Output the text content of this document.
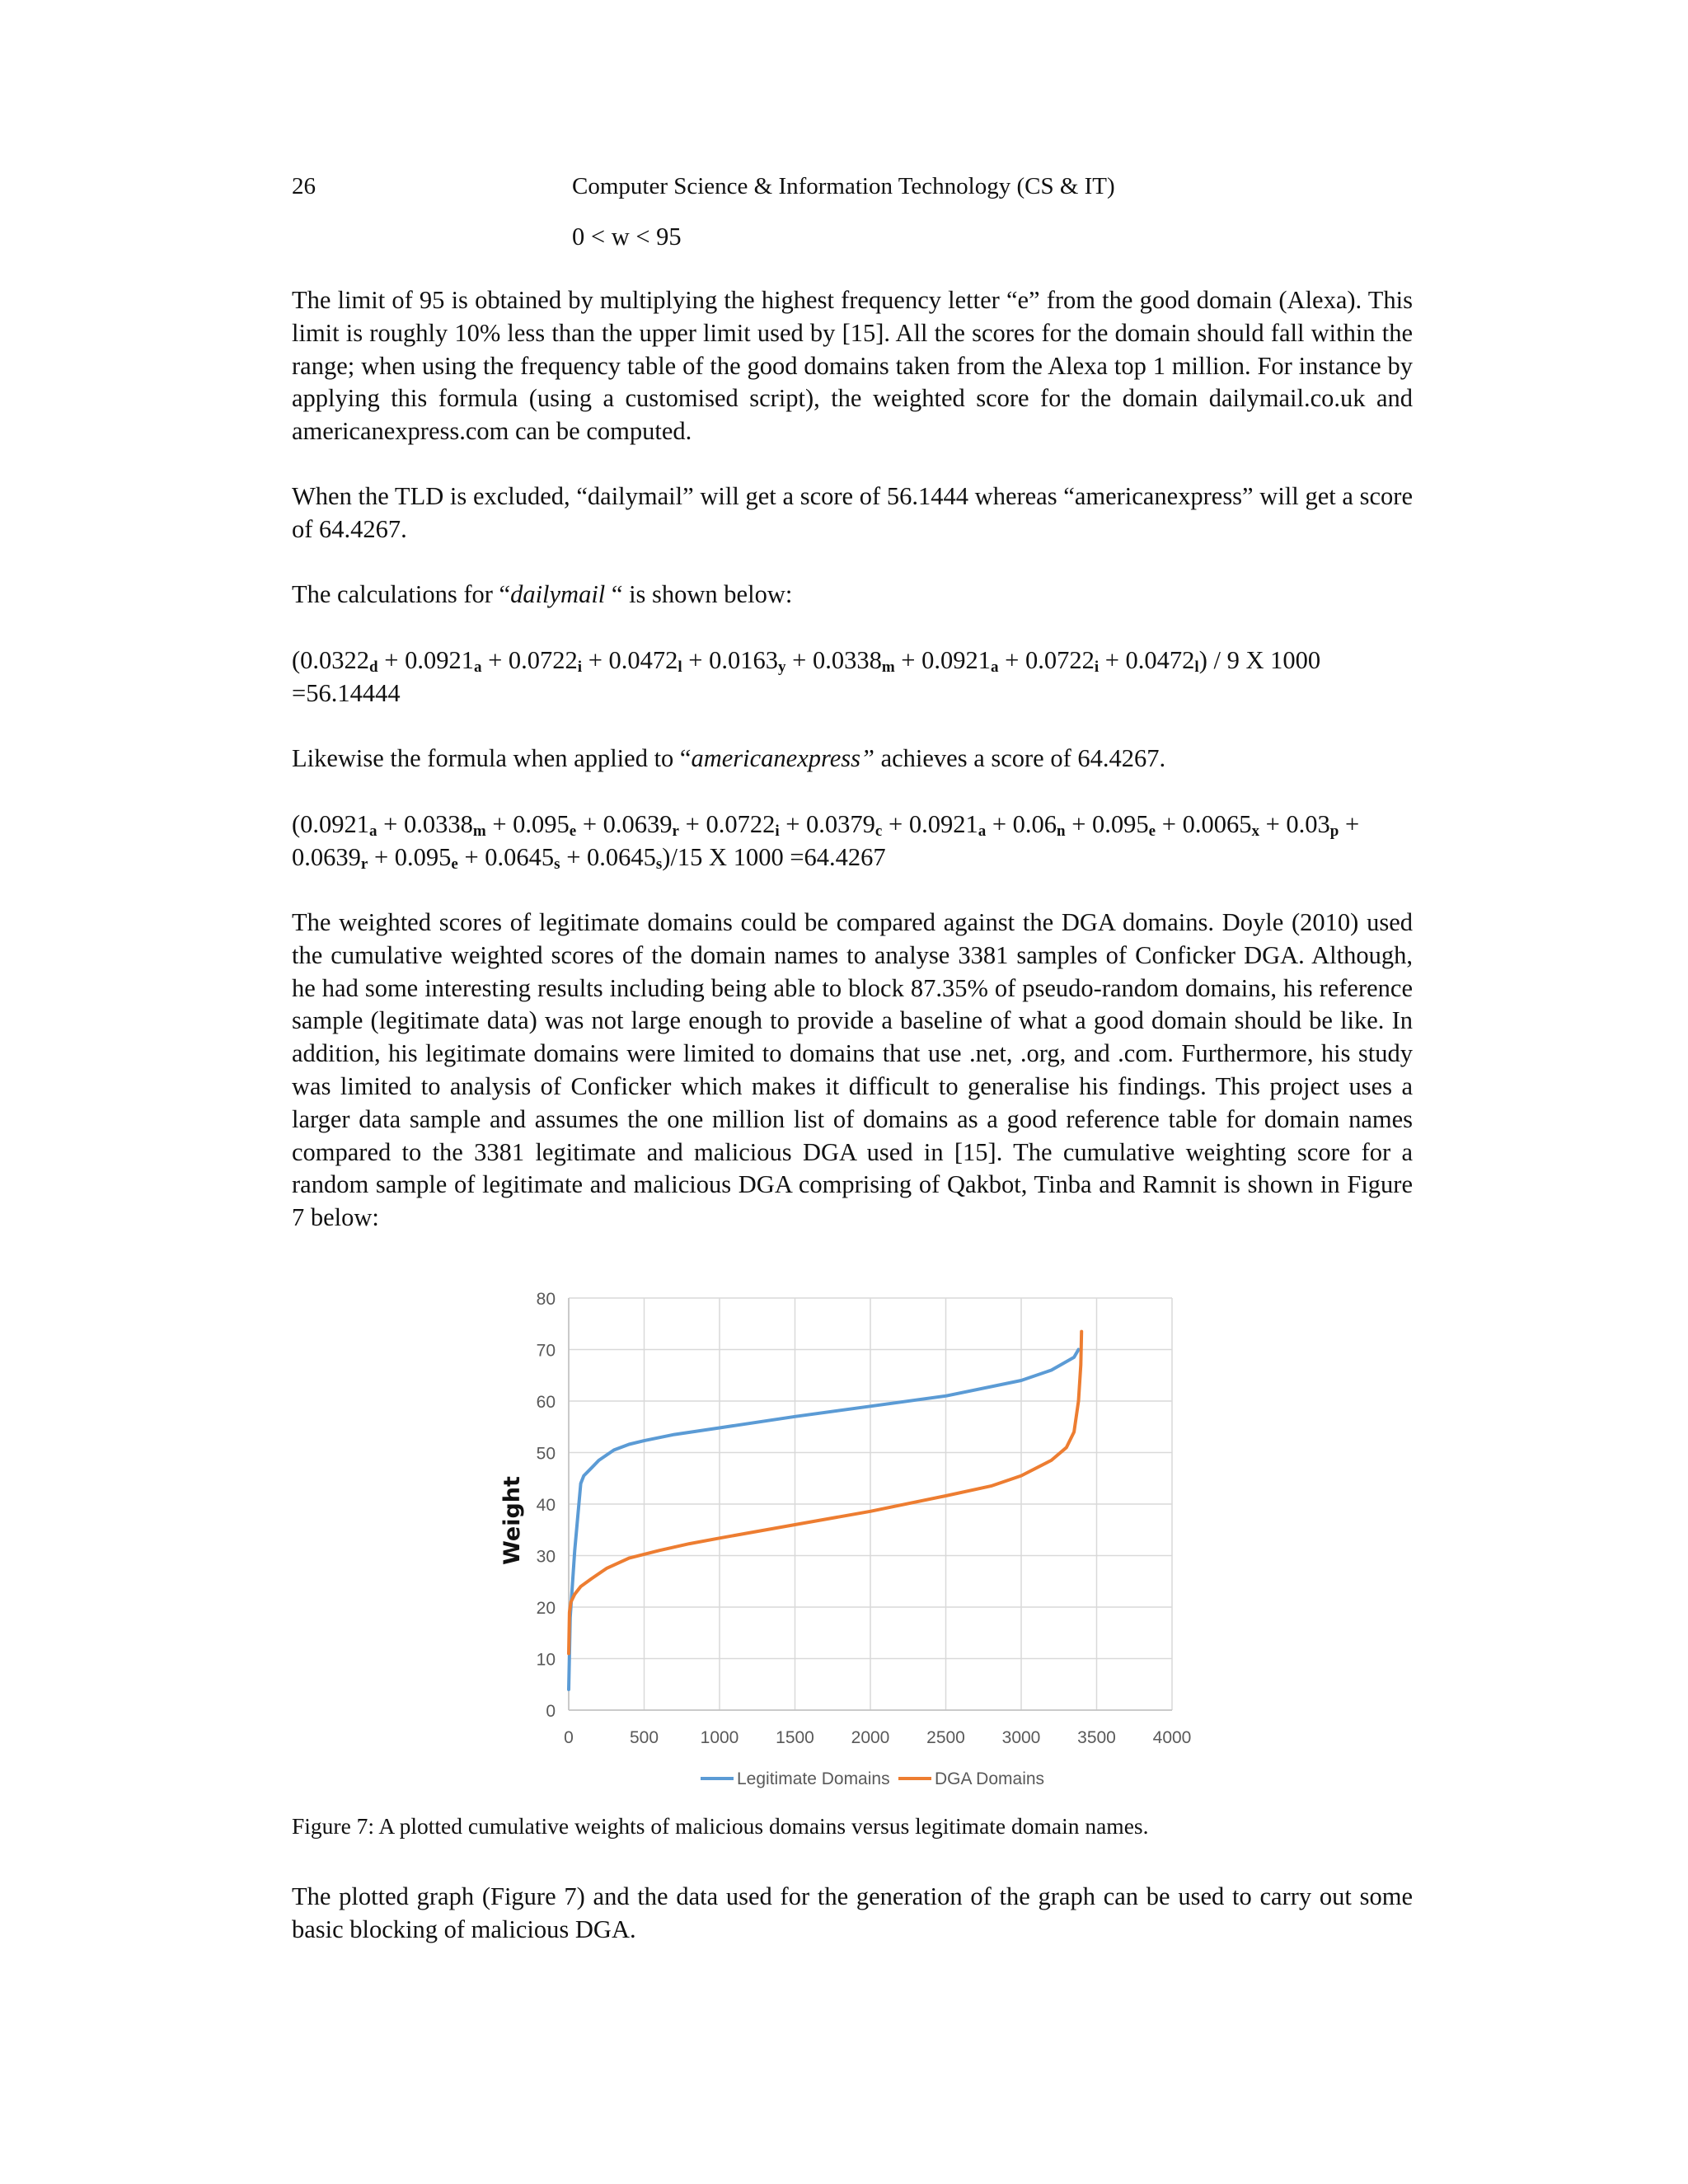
26	Computer Science & Information Technology (CS & IT)
0 < w < 95

The limit of 95 is obtained by multiplying the highest frequency letter “e” from the good domain (Alexa). This limit is roughly 10% less than the upper limit used by [15]. All the scores for the domain should fall within the range; when using the frequency table of the good domains taken from the Alexa top 1 million. For instance by applying this formula (using a customised script), the weighted score for the domain dailymail.co.uk and americanexpress.com can be computed.

When the TLD is excluded, “dailymail” will get a score of 56.1444 whereas “americanexpress” will get a score of 64.4267.

The calculations for “dailymail “ is shown below:

$(0.0322_d + 0.0921_a + 0.0722_i + 0.0472_l + 0.0163_y + 0.0338_m + 0.0921_a + 0.0722_i + 0.0472_l) / 9$ X 1000 =56.14444

Likewise the formula when applied to “americanexpress” achieves a score of 64.4267.

$(0.0921_a + 0.0338_m + 0.095_e + 0.0639_r + 0.0722_i + 0.0379_c + 0.0921_a + 0.06_n + 0.095_e + 0.0065_x + 0.03_p + 0.0639_r + 0.095_e + 0.0645_s + 0.0645_s)/15$ X 1000 =64.4267

The weighted scores of legitimate domains could be compared against the DGA domains. Doyle (2010) used the cumulative weighted scores of the domain names to analyse 3381 samples of Conficker DGA. Although, he had some interesting results including being able to block 87.35% of pseudo-random domains, his reference sample (legitimate data) was not large enough to provide a baseline of what a good domain should be like. In addition, his legitimate domains were limited to domains that use .net, .org, and .com. Furthermore, his study was limited to analysis of Conficker which makes it difficult to generalise his findings. This project uses a larger data sample and assumes the one million list of domains as a good reference table for domain names compared to the 3381 legitimate and malicious DGA used in [15]. The cumulative weighting score for a random sample of legitimate and malicious DGA comprising of Qakbot, Tinba and Ramnit is shown in Figure 7 below:

0
10
20
30
40
50
60
70
80
0	500 1000 1500 2000 2500 3000 3500 4000
Weight
Legitimate Domains	DGA Domains
Figure 7: A plotted cumulative weights of malicious domains versus legitimate domain names.

The plotted graph (Figure 7) and the data used for the generation of the graph can be used to carry out some basic blocking of malicious DGA.
